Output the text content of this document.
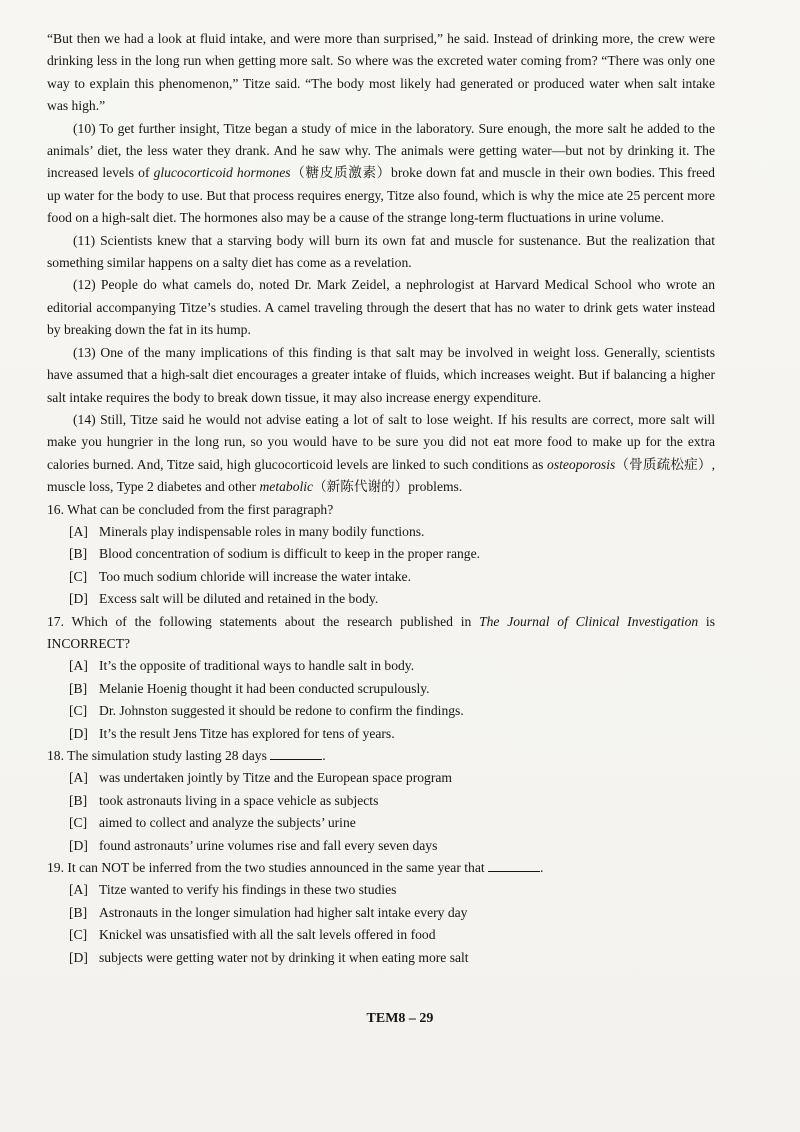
“But then we had a look at fluid intake, and were more than surprised,” he said. Instead of drinking more, the crew were drinking less in the long run when getting more salt. So where was the excreted water coming from? “There was only one way to explain this phenomenon,” Titze said. “The body most likely had generated or produced water when salt intake was high.”

(10) To get further insight, Titze began a study of mice in the laboratory. Sure enough, the more salt he added to the animals’ diet, the less water they drank. And he saw why. The animals were getting water—but not by drinking it. The increased levels of glucocorticoid hormones（糖皮质激素）broke down fat and muscle in their own bodies. This freed up water for the body to use. But that process requires energy, Titze also found, which is why the mice ate 25 percent more food on a high-salt diet. The hormones also may be a cause of the strange long-term fluctuations in urine volume.

(11) Scientists knew that a starving body will burn its own fat and muscle for sustenance. But the realization that something similar happens on a salty diet has come as a revelation.

(12) People do what camels do, noted Dr. Mark Zeidel, a nephrologist at Harvard Medical School who wrote an editorial accompanying Titze’s studies. A camel traveling through the desert that has no water to drink gets water instead by breaking down the fat in its hump.

(13) One of the many implications of this finding is that salt may be involved in weight loss. Generally, scientists have assumed that a high-salt diet encourages a greater intake of fluids, which increases weight. But if balancing a higher salt intake requires the body to break down tissue, it may also increase energy expenditure.

(14) Still, Titze said he would not advise eating a lot of salt to lose weight. If his results are correct, more salt will make you hungrier in the long run, so you would have to be sure you did not eat more food to make up for the extra calories burned. And, Titze said, high glucocorticoid levels are linked to such conditions as osteoporosis（骨质疏松症）, muscle loss, Type 2 diabetes and other metabolic（新陈代谢的）problems.

16. What can be concluded from the first paragraph?

[A] Minerals play indispensable roles in many bodily functions.

[B] Blood concentration of sodium is difficult to keep in the proper range.

[C] Too much sodium chloride will increase the water intake.

[D] Excess salt will be diluted and retained in the body.

17. Which of the following statements about the research published in The Journal of Clinical Investigation is INCORRECT?

[A] It’s the opposite of traditional ways to handle salt in body.

[B] Melanie Hoenig thought it had been conducted scrupulously.

[C] Dr. Johnston suggested it should be redone to confirm the findings.

[D] It’s the result Jens Titze has explored for tens of years.

18. The simulation study lasting 28 days	.

[A] was undertaken jointly by Titze and the European space program

[B] took astronauts living in a space vehicle as subjects

[C] aimed to collect and analyze the subjects’ urine

[D] found astronauts’ urine volumes rise and fall every seven days

19. It can NOT be inferred from the two studies announced in the same year that	.

[A] Titze wanted to verify his findings in these two studies

[B] Astronauts in the longer simulation had higher salt intake every day

[C] Knickel was unsatisfied with all the salt levels offered in food

[D] subjects were getting water not by drinking it when eating more salt

TEM8 – 29
